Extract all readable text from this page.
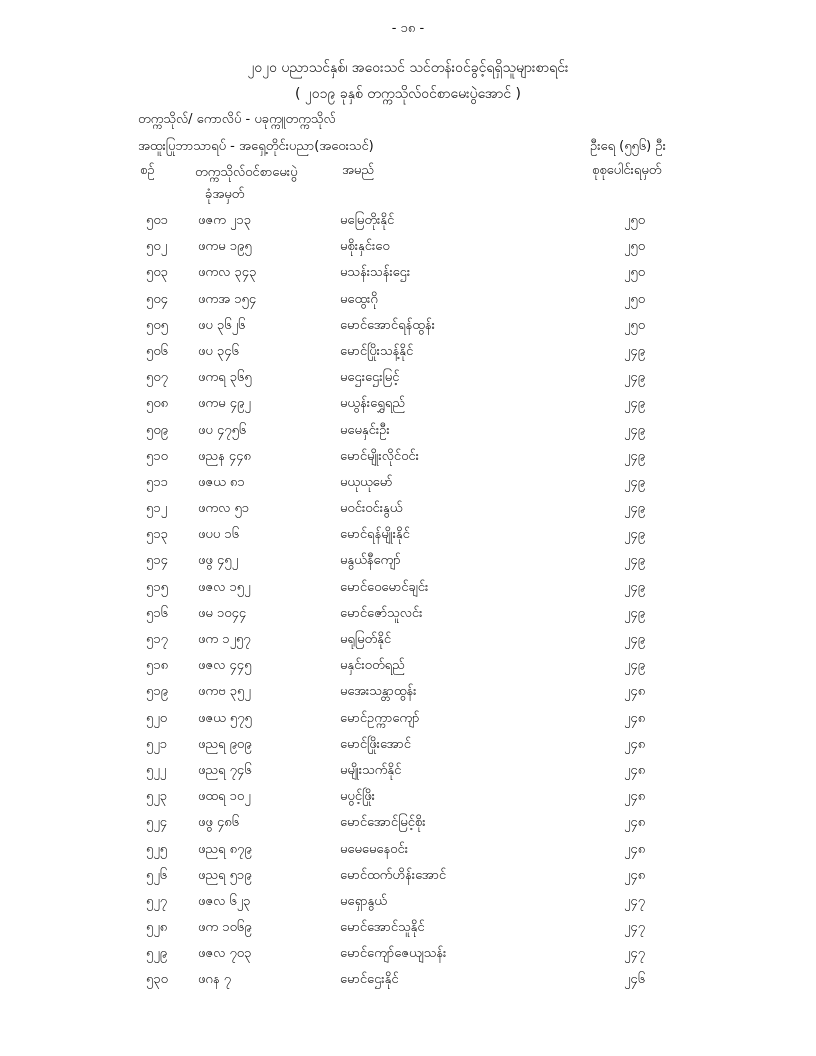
- ၁၈ -
၂၀၂၀ ပညာသင်နှစ်၊ အဝေးသင် သင်တန်းဝင်ခွင့်ရရှိသူများစာရင်း
( ၂၀၁၉ ခုနှစ် တက္ကသိုလ်ဝင်စာမေးပွဲအောင် )
တက္ကသိုလ်/ ကောလိပ် - ပခုက္ကူတက္ကသိုလ်
အထူးပြုဘာသာရပ် - အရှေ့တိုင်းပညာ(အဝေးသင်)	ဦးရေ (၅၅၆) ဦး
စဉ်	တက္ကသိုလ်ဝင်စာမေးပွဲ
ခုံအမှတ်
အမည်	စုစုပေါင်းရမှတ်
၅၀၁ ဖဇက ၂၁၃	မမြေတိုးနိုင်	၂၅၀
၅၀၂ ဖကမ ၁၉၅	မစိုးနှင်းဝေ	၂၅၀
၅၀၃ ဖကလ ၃၄၃	မသန်းသန်းဌေး	၂၅၀
၅၀၄ ဖကအ ၁၅၄	မထွေးဂို	၂၅၀
၅၀၅ ဖပ ၃၆၂၆	မောင်အောင်ရန်ထွန်း	၂၅၀
၅၀၆ ဖပ ၃၄၆	မောင်ပြိုးသန့်နိုင်	၂၄၉
၅၀၇ ဖကရ ၃၆၅	မဌေးဌေးမြင့်	၂၄၉
၅၀၈ ဖကမ ၄၉၂	မယွန်းရွှေရည်	၂၄၉
၅၀၉ ဖပ ၄၇၅၆	မမေနှင်းဦး	၂၄၉
၅၁၀ ဖညန ၄၄၈	မောင်မျိုးလိုင်ဝင်း	၂၄၉
၅၁၁ ဖဇယ ၈၁	မယုယုမော်	၂၄၉
၅၁၂ ဖကလ ၅၁	မဝင်းဝင်းနွယ်	၂၄၉
၅၁၃ ဖပပ ၁၆	မောင်ရန်မျိုးနိုင်	၂၄၉
၅၁၄ ဖဖွ ၄၅၂	မနွယ်နီကျော်	၂၄၉
၅၁၅ ဖဇလ ၁၅၂	မောင်ဝေမောင်ချင်း	၂၄၉
၅၁၆ ဖမ ၁၀၄၄	မောင်ဇော်သူလင်း	၂၄၉
၅၁၇ ဖက ၁၂၅၇	မရုမြတ်နိုင်	၂၄၉
၅၁၈ ဖဇလ ၄၄၅	မနှင်းဝတ်ရည်	၂၄၉
၅၁၉ ဖကဗ ၃၅၂	မအေးသန္တာထွန်း	၂၄၈
၅၂၀ ဖဇယ ၅၇၅	မောင်ဥက္ကာကျော်	၂၄၈
၅၂၁ ဖညရ ၉၀၉	မောင်ဖြိုးအောင်	၂၄၈
၅၂၂ ဖညရ ၇၄၆	မမျိုးသက်နိုင်	၂၄၈
၅၂၃ ဖထရ ၁၀၂	မပွင့်ဖြိုး	၂၄၈
၅၂၄ ဖဖွ ၄၈၆	မောင်အောင်မြင့်စိုး	၂၄၈
၅၂၅ ဖညရ ၈၇၉	မမေမေနေဝင်း	၂၄၈
၅၂၆ ဖညရ ၅၁၉	မောင်ထက်ဟိန်းအောင်	၂၄၈
၅၂၇ ဖဇလ ၆၂၃	မရှောနွယ်	၂၄၇
၅၂၈ ဖက ၁၀၆၉	မောင်အောင်သူနိုင်	၂၄၇
၅၂၉ ဖဇလ ၇၀၃	မောင်ကျော်ဇေယျသန်း	၂၄၇
၅၃၀ ဖဂန ၇	မောင်ဌေးနိုင်	၂၄၆
